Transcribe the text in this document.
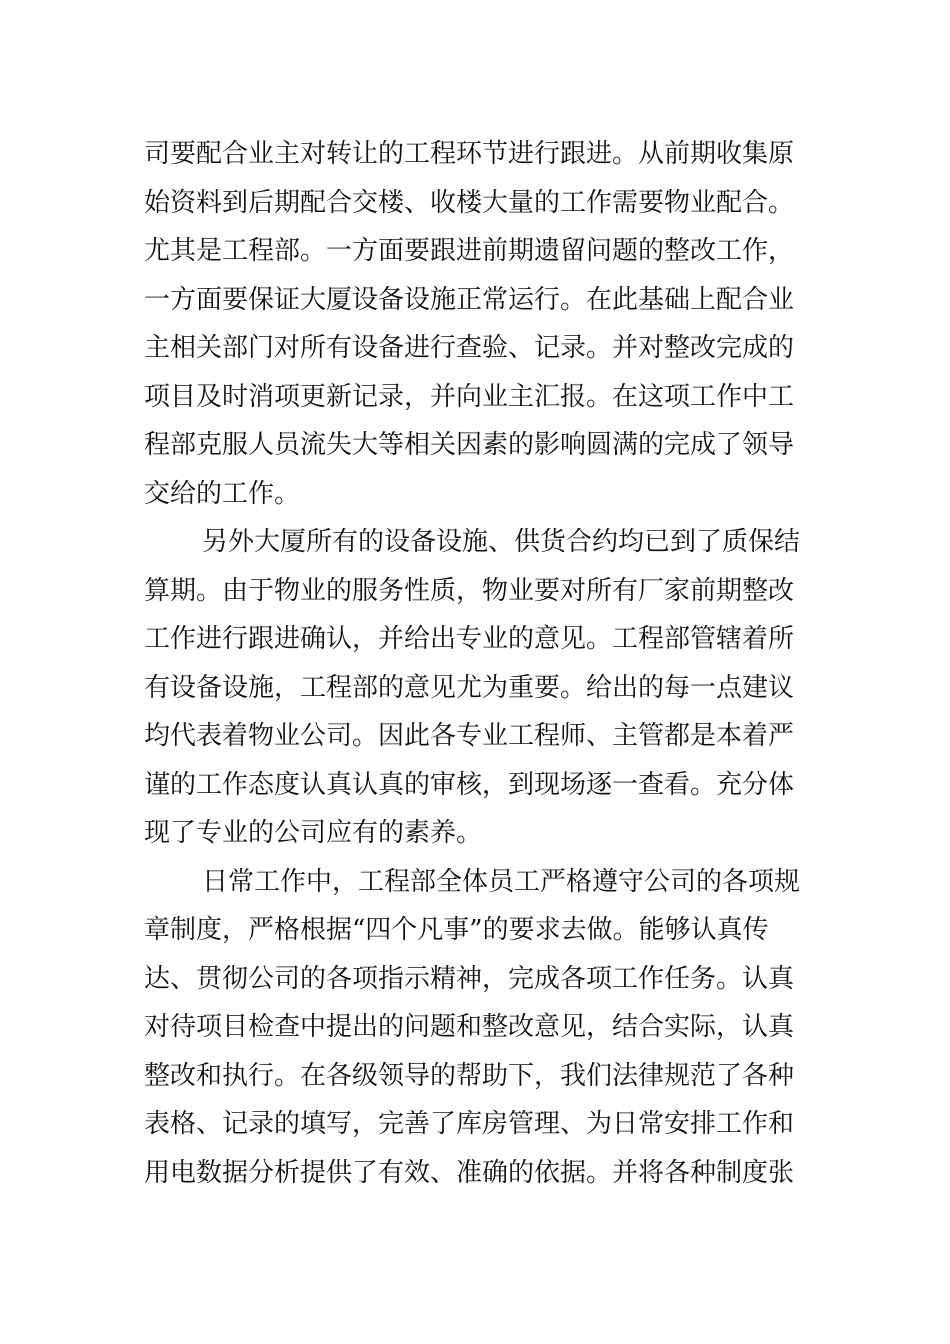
司要配合业主对转让的工程环节进行跟进。从前期收集原
始资料到后期配合交楼、收楼大量的工作需要物业配合。
尤其是工程部。一方面要跟进前期遗留问题的整改工作，
一方面要保证大厦设备设施正常运行。在此基础上配合业
主相关部门对所有设备进行查验、记录。并对整改完成的
项目及时消项更新记录，并向业主汇报。在这项工作中工
程部克服人员流失大等相关因素的影响圆满的完成了领导
交给的工作。
另外大厦所有的设备设施、供货合约均已到了质保结
算期。由于物业的服务性质，物业要对所有厂家前期整改
工作进行跟进确认，并给出专业的意见。工程部管辖着所
有设备设施，工程部的意见尤为重要。给出的每一点建议
均代表着物业公司。因此各专业工程师、主管都是本着严
谨的工作态度认真认真的审核，到现场逐一查看。充分体
现了专业的公司应有的素养。
日常工作中，工程部全体员工严格遵守公司的各项规
章制度，严格根据“四个凡事”的要求去做。能够认真传
达、贯彻公司的各项指示精神，完成各项工作任务。认真
对待项目检查中提出的问题和整改意见，结合实际，认真
整改和执行。在各级领导的帮助下，我们法律规范了各种
表格、记录的填写，完善了库房管理、为日常安排工作和
用电数据分析提供了有效、准确的依据。并将各种制度张
